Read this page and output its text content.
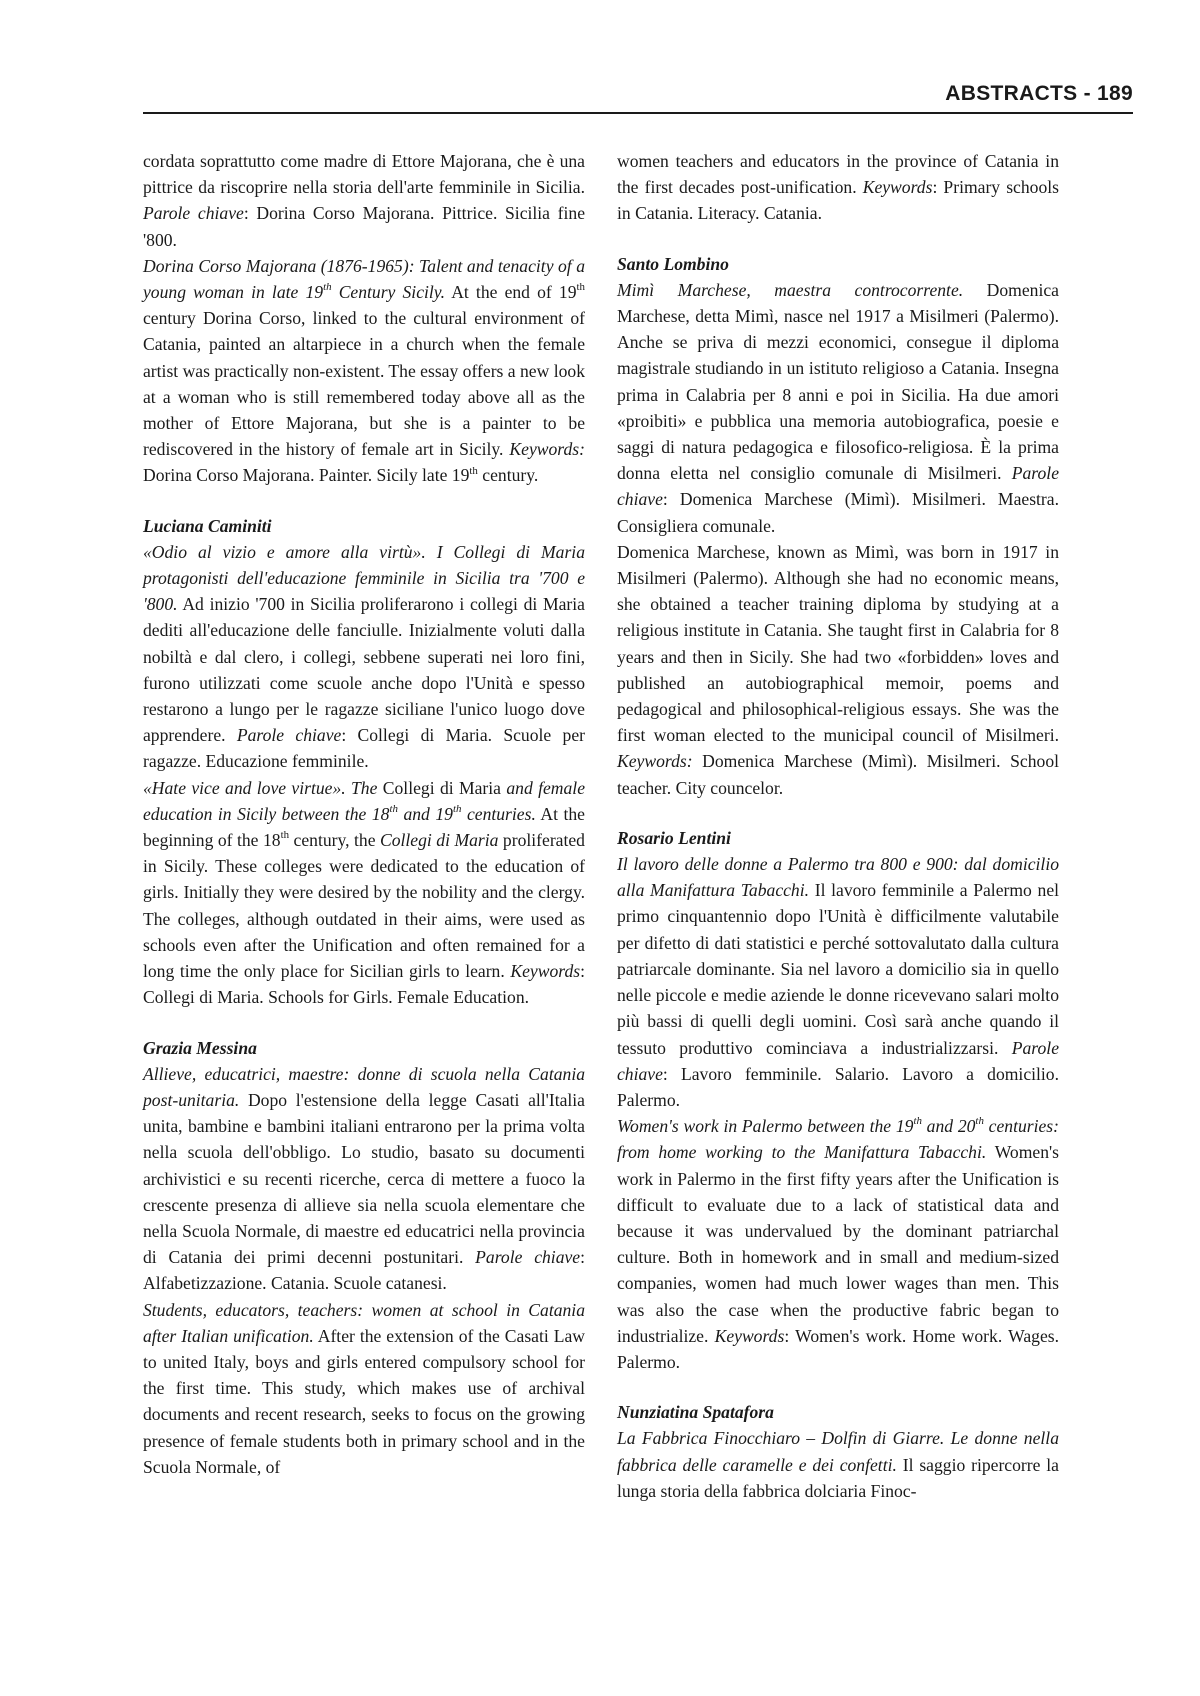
ABSTRACTS - 189

cordata soprattutto come madre di Ettore Majorana, che è una pittrice da riscoprire nella storia dell'arte femminile in Sicilia. Parole chiave: Dorina Corso Majorana. Pittrice. Sicilia fine '800.

Dorina Corso Majorana (1876-1965): Talent and tenacity of a young woman in late 19th Century Sicily. At the end of 19th century Dorina Corso, linked to the cultural environment of Catania, painted an altarpiece in a church when the female artist was practically non-existent. The essay offers a new look at a woman who is still remembered today above all as the mother of Ettore Majorana, but she is a painter to be rediscovered in the history of female art in Sicily. Keywords: Dorina Corso Majorana. Painter. Sicily late 19th century.

Luciana Caminiti

«Odio al vizio e amore alla virtù». I Collegi di Maria protagonisti dell'educazione femminile in Sicilia tra '700 e '800. Ad inizio '700 in Sicilia proliferarono i collegi di Maria dediti all'educazione delle fanciulle. Inizialmente voluti dalla nobiltà e dal clero, i collegi, sebbene superati nei loro fini, furono utilizzati come scuole anche dopo l'Unità e spesso restarono a lungo per le ragazze siciliane l'unico luogo dove apprendere. Parole chiave: Collegi di Maria. Scuole per ragazze. Educazione femminile.

«Hate vice and love virtue». The Collegi di Maria and female education in Sicily between the 18th and 19th centuries. At the beginning of the 18th century, the Collegi di Maria proliferated in Sicily. These colleges were dedicated to the education of girls. Initially they were desired by the nobility and the clergy. The colleges, although outdated in their aims, were used as schools even after the Unification and often remained for a long time the only place for Sicilian girls to learn. Keywords: Collegi di Maria. Schools for Girls. Female Education.

Grazia Messina

Allieve, educatrici, maestre: donne di scuola nella Catania post-unitaria. Dopo l'estensione della legge Casati all'Italia unita, bambine e bambini italiani entrarono per la prima volta nella scuola dell'obbligo. Lo studio, basato su documenti archivistici e su recenti ricerche, cerca di mettere a fuoco la crescente presenza di allieve sia nella scuola elementare che nella Scuola Normale, di maestre ed educatrici nella provincia di Catania dei primi decenni postunitari. Parole chiave: Alfabetizzazione. Catania. Scuole catanesi.

Students, educators, teachers: women at school in Catania after Italian unification. After the extension of the Casati Law to united Italy, boys and girls entered compulsory school for the first time. This study, which makes use of archival documents and recent research, seeks to focus on the growing presence of female students both in primary school and in the Scuola Normale, of

women teachers and educators in the province of Catania in the first decades post-unification. Keywords: Primary schools in Catania. Literacy. Catania.

Santo Lombino

Mimì Marchese, maestra controcorrente. Domenica Marchese, detta Mimì, nasce nel 1917 a Misilmeri (Palermo). Anche se priva di mezzi economici, consegue il diploma magistrale studiando in un istituto religioso a Catania. Insegna prima in Calabria per 8 anni e poi in Sicilia. Ha due amori «proibiti» e pubblica una memoria autobiografica, poesie e saggi di natura pedagogica e filosofico-religiosa. È la prima donna eletta nel consiglio comunale di Misilmeri. Parole chiave: Domenica Marchese (Mimì). Misilmeri. Maestra. Consigliera comunale.

Domenica Marchese, known as Mimì, was born in 1917 in Misilmeri (Palermo). Although she had no economic means, she obtained a teacher training diploma by studying at a religious institute in Catania. She taught first in Calabria for 8 years and then in Sicily. She had two «forbidden» loves and published an autobiographical memoir, poems and pedagogical and philosophical-religious essays. She was the first woman elected to the municipal council of Misilmeri. Keywords: Domenica Marchese (Mimì). Misilmeri. School teacher. City councelor.

Rosario Lentini

Il lavoro delle donne a Palermo tra 800 e 900: dal domicilio alla Manifattura Tabacchi. Il lavoro femminile a Palermo nel primo cinquantennio dopo l'Unità è difficilmente valutabile per difetto di dati statistici e perché sottovalutato dalla cultura patriarcale dominante. Sia nel lavoro a domicilio sia in quello nelle piccole e medie aziende le donne ricevevano salari molto più bassi di quelli degli uomini. Così sarà anche quando il tessuto produttivo cominciava a industrializzarsi. Parole chiave: Lavoro femminile. Salario. Lavoro a domicilio. Palermo.

Women's work in Palermo between the 19th and 20th centuries: from home working to the Manifattura Tabacchi. Women's work in Palermo in the first fifty years after the Unification is difficult to evaluate due to a lack of statistical data and because it was undervalued by the dominant patriarchal culture. Both in homework and in small and medium-sized companies, women had much lower wages than men. This was also the case when the productive fabric began to industrialize. Keywords: Women's work. Home work. Wages. Palermo.

Nunziatina Spatafora

La Fabbrica Finocchiaro – Dolfin di Giarre. Le donne nella fabbrica delle caramelle e dei confetti. Il saggio ripercorre la lunga storia della fabbrica dolciaria Finoc-
